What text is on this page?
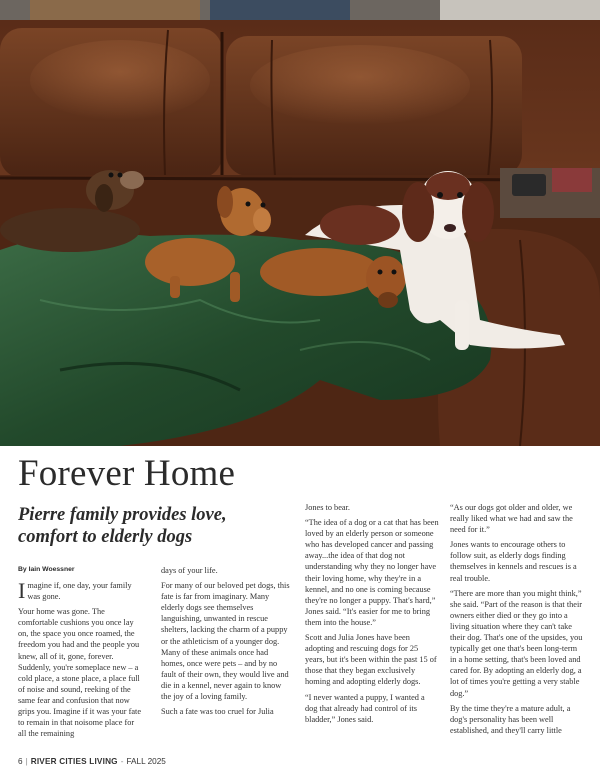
Forever Home
Pierre family provides love, comfort to elderly dogs
By Iain Woessner

Imagine if, one day, your family was gone.

Your home was gone. The comfortable cushions you once lay on, the space you once roamed, the freedom you had and the people you knew, all of it, gone, forever. Suddenly, you're someplace new – a cold place, a stone place, a place full of noise and sound, reeking of the same fear and confusion that now grips you. Imagine if it was your fate to remain in that noisome place for all the remaining

days of your life.

For many of our beloved pet dogs, this fate is far from imaginary. Many elderly dogs see themselves languishing, unwanted in rescue shelters, lacking the charm of a puppy or the athleticism of a younger dog. Many of these animals once had homes, once were pets – and by no fault of their own, they would live and die in a kennel, never again to know the joy of a loving family.

Such a fate was too cruel for Julia

Jones to bear.

“The idea of a dog or a cat that has been loved by an elderly person or someone who has developed cancer and passing away...the idea of that dog not understanding why they no longer have their loving home, why they're in a kennel, and no one is coming because they're no longer a puppy. That's hard,” Jones said. “It's easier for me to bring them into the house.”

Scott and Julia Jones have been adopting and rescuing dogs for 25 years, but it's been within the past 15 of those that they began exclusively homing and adopting elderly dogs.

“I never wanted a puppy, I wanted a dog that already had control of its bladder,” Jones said.

“As our dogs got older and older, we really liked what we had and saw the need for it.”

Jones wants to encourage others to follow suit, as elderly dogs finding themselves in kennels and rescues is a real trouble.

“There are more than you might think,” she said. “Part of the reason is that their owners either died or they go into a living situation where they can't take their dog. That's one of the upsides, you typically get one that's been long-term in a home setting, that's been loved and cared for. By adopting an elderly dog, a lot of times you're getting a very stable dog.”

By the time they're a mature adult, a dog's personality has been well established, and they'll carry little

6 | RIVER CITIES LIVING - FALL 2025
